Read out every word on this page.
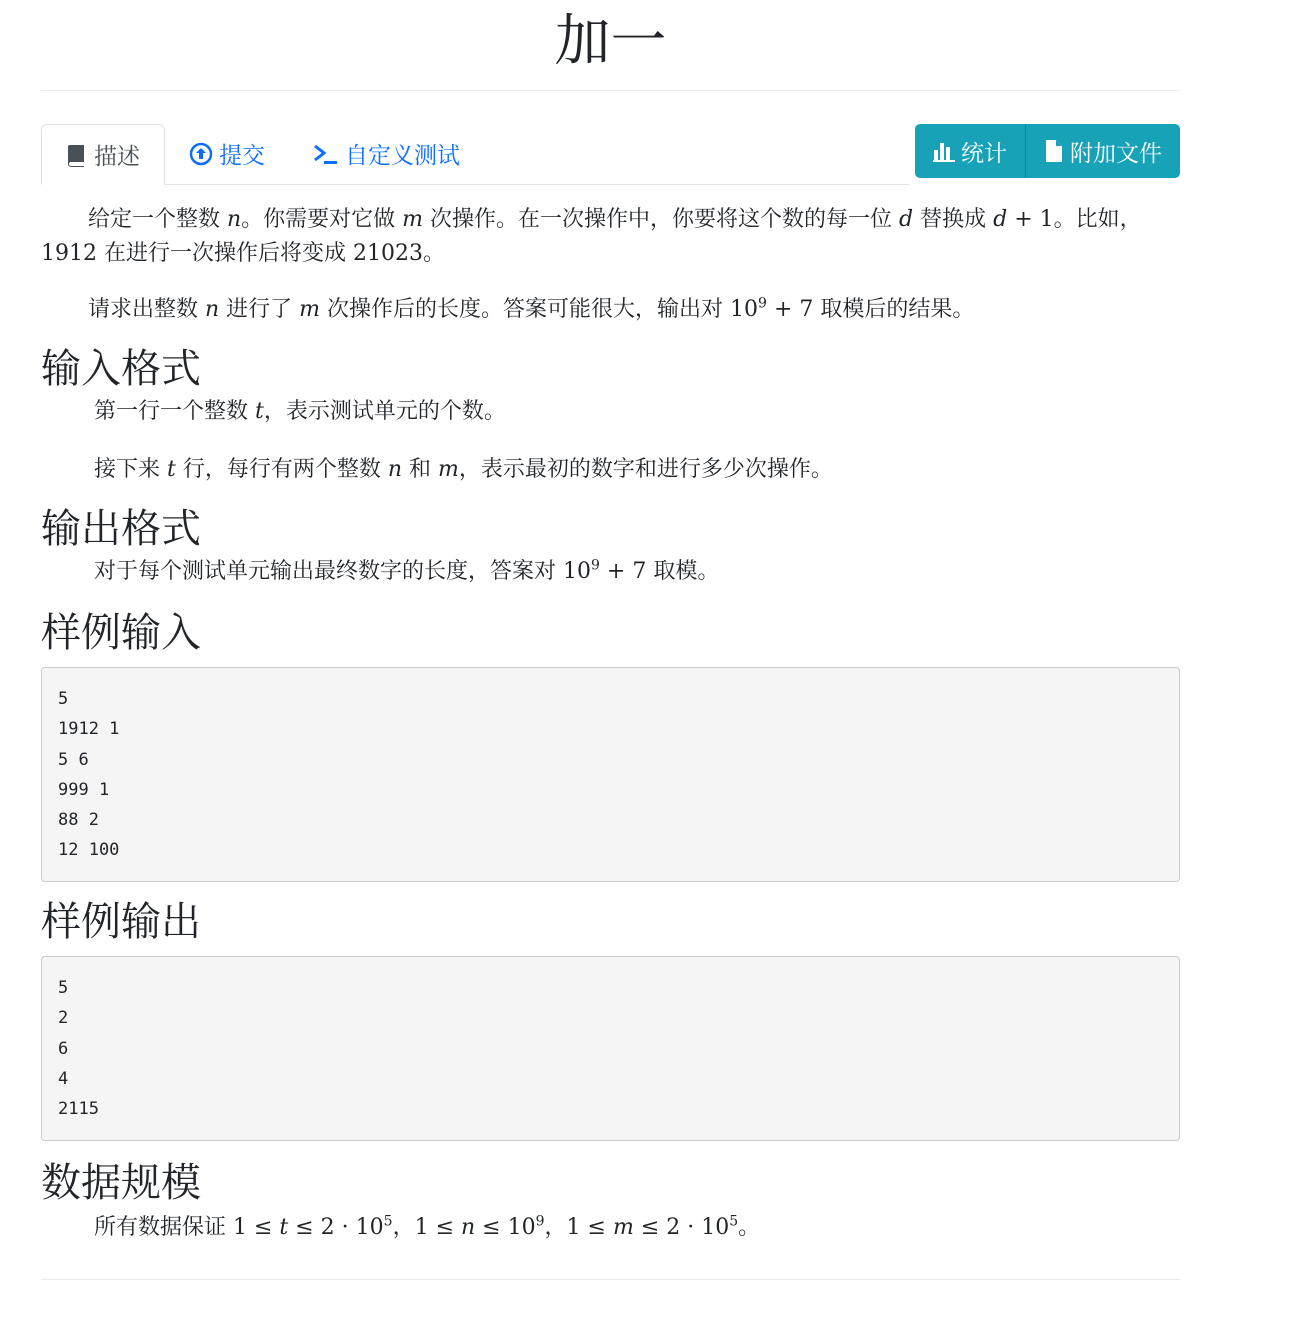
加一
描述	提交	自定义测试	统计	附加文件

给定一个整数 n。你需要对它做 m 次操作。在一次操作中，你要将这个数的每一位 d 替换成 d + 1。比如，1912 在进行一次操作后将变成 21023。

请求出整数 n 进行了 m 次操作后的长度。答案可能很大，输出对 $10^9 + 7$ 取模后的结果。

输入格式

第一行一个整数 t，表示测试单元的个数。

接下来 t 行，每行有两个整数 n 和 m，表示最初的数字和进行多少次操作。

输出格式

对于每个测试单元输出最终数字的长度，答案对 $10^9 + 7$ 取模。

样例输入
5
1912 1
5 6
999 1
88 2
12 100
样例输出
5
2
6
4
2115
数据规模

所有数据保证 $1 \le t \le 2 \cdot 10^5$，$1 \le n \le 10^9$，$1 \le m \le 2 \cdot 10^5$。
